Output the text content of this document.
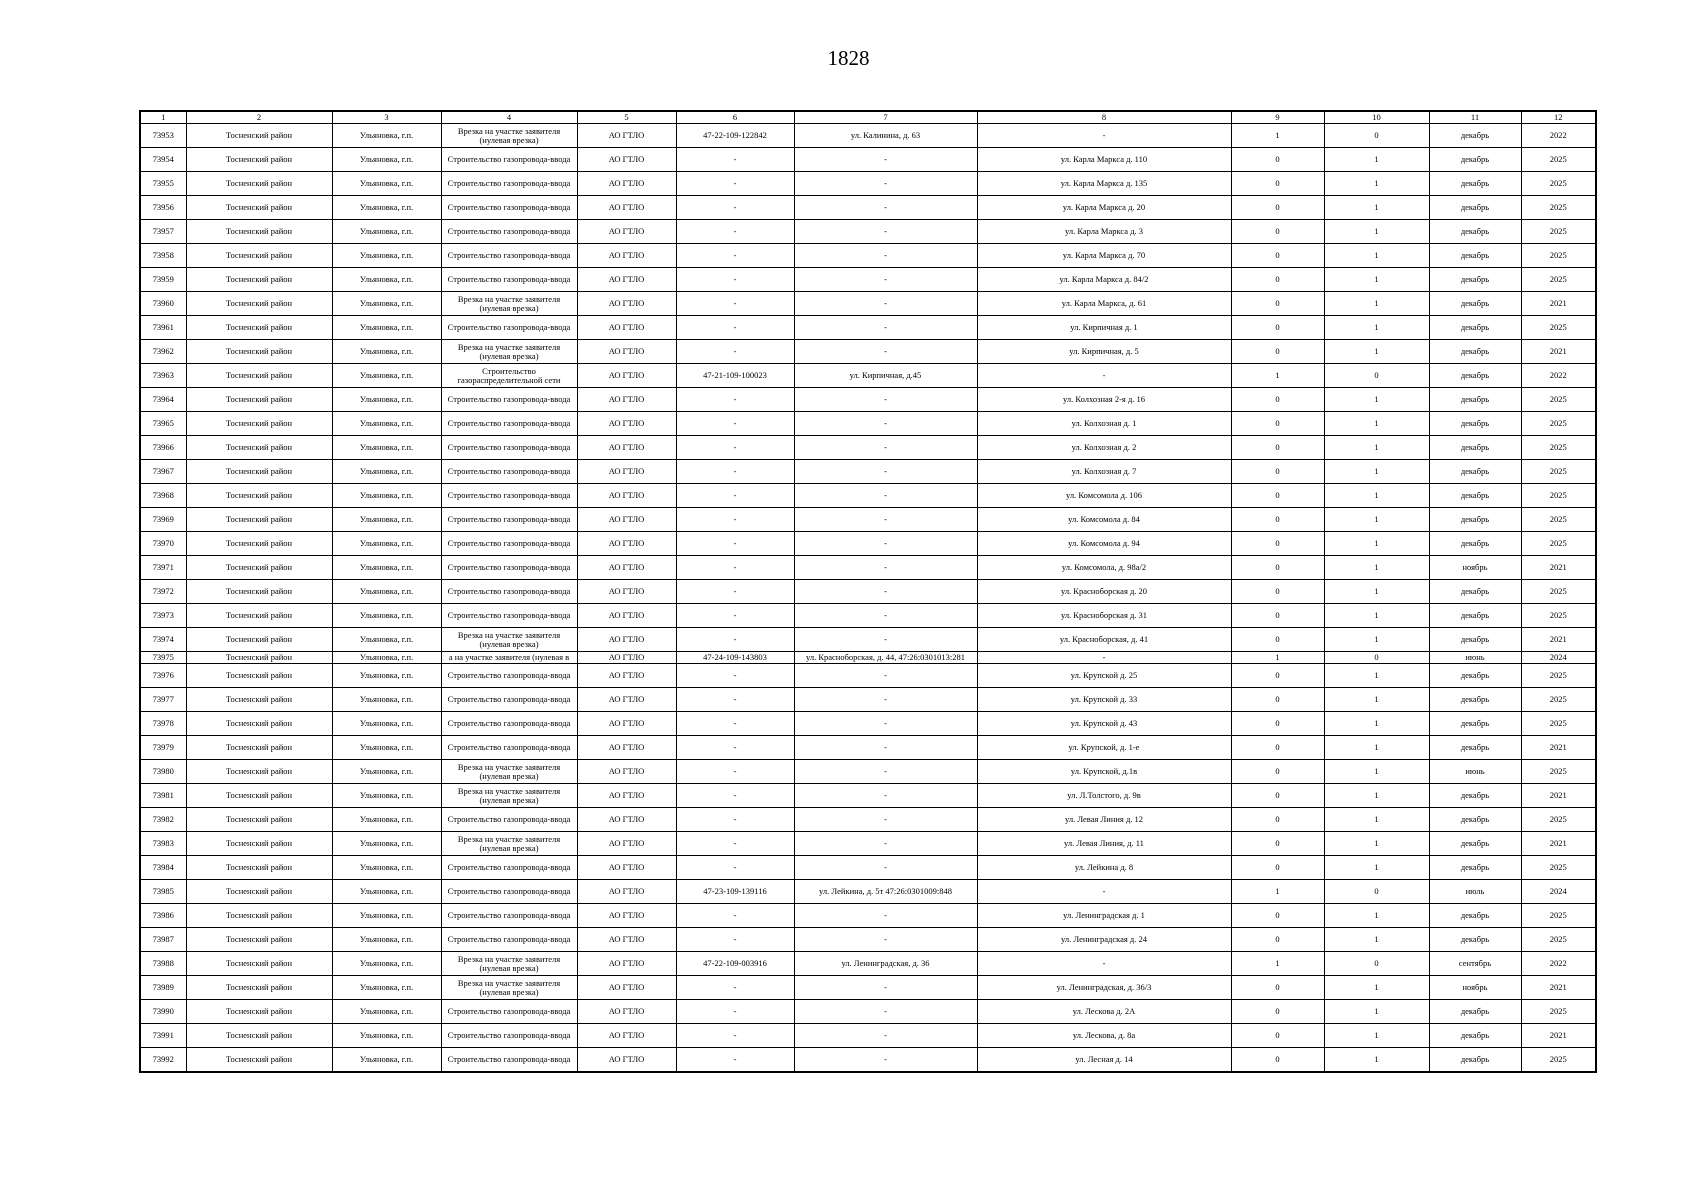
1828
1	2	3	4	5	6	7	8	9	10	11	12
73953	Тосненский район	Ульяновка, г.п.	Врезка на участке заявителя (нулевая врезка)	АО ГТЛО	47-22-109-122842	ул. Калинина, д. 63	-	1	0	декабрь	2022
73954	Тосненский район	Ульяновка, г.п.	Строительство газопровода-ввода	АО ГТЛО	-	-	ул. Карла Маркса д. 110	0	1	декабрь	2025
73955	Тосненский район	Ульяновка, г.п.	Строительство газопровода-ввода	АО ГТЛО	-	-	ул. Карла Маркса д. 135	0	1	декабрь	2025
73956	Тосненский район	Ульяновка, г.п.	Строительство газопровода-ввода	АО ГТЛО	-	-	ул. Карла Маркса д. 20	0	1	декабрь	2025
73957	Тосненский район	Ульяновка, г.п.	Строительство газопровода-ввода	АО ГТЛО	-	-	ул. Карла Маркса д. 3	0	1	декабрь	2025
73958	Тосненский район	Ульяновка, г.п.	Строительство газопровода-ввода	АО ГТЛО	-	-	ул. Карла Маркса д. 70	0	1	декабрь	2025
73959	Тосненский район	Ульяновка, г.п.	Строительство газопровода-ввода	АО ГТЛО	-	-	ул. Карла Маркса д. 84/2	0	1	декабрь	2025
73960	Тосненский район	Ульяновка, г.п.	Врезка на участке заявителя (нулевая врезка)	АО ГТЛО	-	-	ул. Карла Маркса, д. 61	0	1	декабрь	2021
73961	Тосненский район	Ульяновка, г.п.	Строительство газопровода-ввода	АО ГТЛО	-	-	ул. Кирпичная д. 1	0	1	декабрь	2025
73962	Тосненский район	Ульяновка, г.п.	Врезка на участке заявителя (нулевая врезка)	АО ГТЛО	-	-	ул. Кирпичная, д. 5	0	1	декабрь	2021
73963	Тосненский район	Ульяновка, г.п.	Строительство газораспределительной сети	АО ГТЛО	47-21-109-100023	ул. Кирпичная, д.45	-	1	0	декабрь	2022
73964	Тосненский район	Ульяновка, г.п.	Строительство газопровода-ввода	АО ГТЛО	-	-	ул. Колхозная 2-я д. 16	0	1	декабрь	2025
73965	Тосненский район	Ульяновка, г.п.	Строительство газопровода-ввода	АО ГТЛО	-	-	ул. Колхозная д. 1	0	1	декабрь	2025
73966	Тосненский район	Ульяновка, г.п.	Строительство газопровода-ввода	АО ГТЛО	-	-	ул. Колхозная д. 2	0	1	декабрь	2025
73967	Тосненский район	Ульяновка, г.п.	Строительство газопровода-ввода	АО ГТЛО	-	-	ул. Колхозная д. 7	0	1	декабрь	2025
73968	Тосненский район	Ульяновка, г.п.	Строительство газопровода-ввода	АО ГТЛО	-	-	ул. Комсомола д. 106	0	1	декабрь	2025
73969	Тосненский район	Ульяновка, г.п.	Строительство газопровода-ввода	АО ГТЛО	-	-	ул. Комсомола д. 84	0	1	декабрь	2025
73970	Тосненский район	Ульяновка, г.п.	Строительство газопровода-ввода	АО ГТЛО	-	-	ул. Комсомола д. 94	0	1	декабрь	2025
73971	Тосненский район	Ульяновка, г.п.	Строительство газопровода-ввода	АО ГТЛО	-	-	ул. Комсомола, д. 98а/2	0	1	ноябрь	2021
73972	Тосненский район	Ульяновка, г.п.	Строительство газопровода-ввода	АО ГТЛО	-	-	ул. Красноборская д. 20	0	1	декабрь	2025
73973	Тосненский район	Ульяновка, г.п.	Строительство газопровода-ввода	АО ГТЛО	-	-	ул. Красноборская д. 31	0	1	декабрь	2025
73974	Тосненский район	Ульяновка, г.п.	Врезка на участке заявителя (нулевая врезка)	АО ГТЛО	-	-	ул. Красноборская, д. 41	0	1	декабрь	2021
73975	Тосненский район	Ульяновка, г.п.	а на участке заявителя (нулевая в	АО ГТЛО	47-24-109-143803	ул. Красноборская, д. 44, 47:26:0301013:281	-	1	0	июнь	2024
73976	Тосненский район	Ульяновка, г.п.	Строительство газопровода-ввода	АО ГТЛО	-	-	ул. Крупской д. 25	0	1	декабрь	2025
73977	Тосненский район	Ульяновка, г.п.	Строительство газопровода-ввода	АО ГТЛО	-	-	ул. Крупской д. 33	0	1	декабрь	2025
73978	Тосненский район	Ульяновка, г.п.	Строительство газопровода-ввода	АО ГТЛО	-	-	ул. Крупской д. 43	0	1	декабрь	2025
73979	Тосненский район	Ульяновка, г.п.	Строительство газопровода-ввода	АО ГТЛО	-	-	ул. Крупской, д. 1-е	0	1	декабрь	2021
73980	Тосненский район	Ульяновка, г.п.	Врезка на участке заявителя (нулевая врезка)	АО ГТЛО	-	-	ул. Крупской, д.1в	0	1	июнь	2025
73981	Тосненский район	Ульяновка, г.п.	Врезка на участке заявителя (нулевая врезка)	АО ГТЛО	-	-	ул. Л.Толстого, д. 9в	0	1	декабрь	2021
73982	Тосненский район	Ульяновка, г.п.	Строительство газопровода-ввода	АО ГТЛО	-	-	ул. Левая Линия д. 12	0	1	декабрь	2025
73983	Тосненский район	Ульяновка, г.п.	Врезка на участке заявителя (нулевая врезка)	АО ГТЛО	-	-	ул. Левая Линия, д. 11	0	1	декабрь	2021
73984	Тосненский район	Ульяновка, г.п.	Строительство газопровода-ввода	АО ГТЛО	-	-	ул. Лейкина д. 8	0	1	декабрь	2025
73985	Тосненский район	Ульяновка, г.п.	Строительство газопровода-ввода	АО ГТЛО	47-23-109-139116	ул. Лейкина, д. 5т 47:26:0301009:848	-	1	0	июль	2024
73986	Тосненский район	Ульяновка, г.п.	Строительство газопровода-ввода	АО ГТЛО	-	-	ул. Ленинградская д. 1	0	1	декабрь	2025
73987	Тосненский район	Ульяновка, г.п.	Строительство газопровода-ввода	АО ГТЛО	-	-	ул. Ленинградская д. 24	0	1	декабрь	2025
73988	Тосненский район	Ульяновка, г.п.	Врезка на участке заявителя (нулевая врезка)	АО ГТЛО	47-22-109-003916	ул. Ленинградская, д. 36	-	1	0	сентябрь	2022
73989	Тосненский район	Ульяновка, г.п.	Врезка на участке заявителя (нулевая врезка)	АО ГТЛО	-	-	ул. Ленинградская, д. 36/3	0	1	ноябрь	2021
73990	Тосненский район	Ульяновка, г.п.	Строительство газопровода-ввода	АО ГТЛО	-	-	ул. Лескова д. 2А	0	1	декабрь	2025
73991	Тосненский район	Ульяновка, г.п.	Строительство газопровода-ввода	АО ГТЛО	-	-	ул. Лескова, д. 8а	0	1	декабрь	2021
73992	Тосненский район	Ульяновка, г.п.	Строительство газопровода-ввода	АО ГТЛО	-	-	ул. Лесная д. 14	0	1	декабрь	2025
